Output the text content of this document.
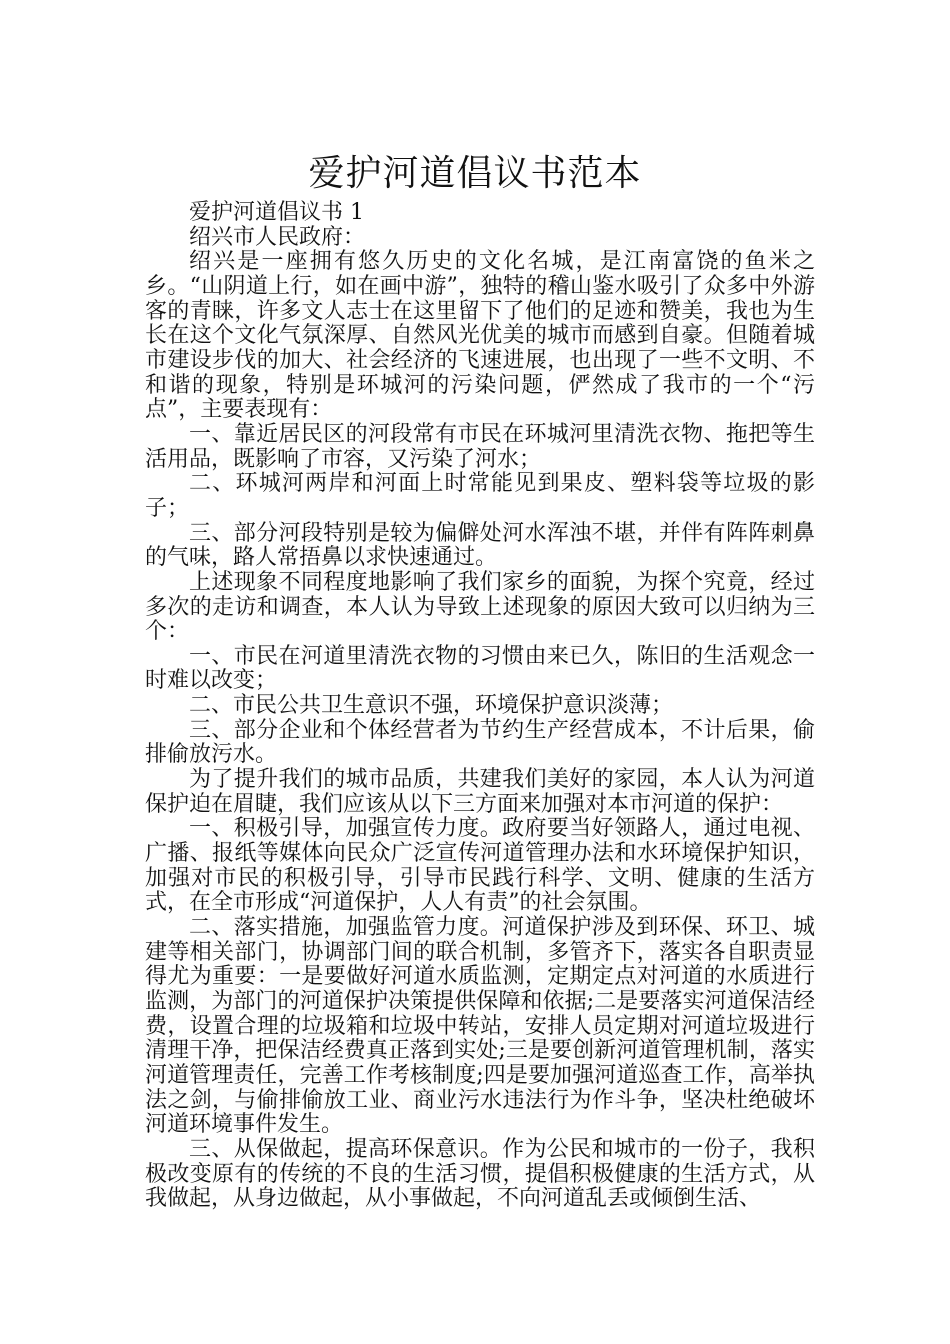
爱护河道倡议书范本

爱护河道倡议书 1

绍兴市人民政府：

绍兴是一座拥有悠久历史的文化名城，是江南富饶的鱼米之乡。“山阴道上行，如在画中游”，独特的稽山鉴水吸引了众多中外游客的青睐，许多文人志士在这里留下了他们的足迹和赞美，我也为生长在这个文化气氛深厚、自然风光优美的城市而感到自豪。但随着城市建设步伐的加大、社会经济的飞速进展，也出现了一些不文明、不和谐的现象，特别是环城河的污染问题，俨然成了我市的一个“污点”，主要表现有：

一、靠近居民区的河段常有市民在环城河里清洗衣物、拖把等生活用品，既影响了市容，又污染了河水；

二、环城河两岸和河面上时常能见到果皮、塑料袋等垃圾的影子；

三、部分河段特别是较为偏僻处河水浑浊不堪，并伴有阵阵刺鼻的气味，路人常捂鼻以求快速通过。

上述现象不同程度地影响了我们家乡的面貌，为探个究竟，经过多次的走访和调查，本人认为导致上述现象的原因大致可以归纳为三个：

一、市民在河道里清洗衣物的习惯由来已久，陈旧的生活观念一时难以改变；

二、市民公共卫生意识不强，环境保护意识淡薄；

三、部分企业和个体经营者为节约生产经营成本，不计后果，偷排偷放污水。

为了提升我们的城市品质，共建我们美好的家园，本人认为河道保护迫在眉睫，我们应该从以下三方面来加强对本市河道的保护：

一、积极引导，加强宣传力度。政府要当好领路人，通过电视、广播、报纸等媒体向民众广泛宣传河道管理办法和水环境保护知识，加强对市民的积极引导，引导市民践行科学、文明、健康的生活方式，在全市形成“河道保护，人人有责”的社会氛围。

二、落实措施，加强监管力度。河道保护涉及到环保、环卫、城建等相关部门，协调部门间的联合机制，多管齐下，落实各自职责显得尤为重要：一是要做好河道水质监测，定期定点对河道的水质进行监测，为部门的河道保护决策提供保障和依据;二是要落实河道保洁经费，设置合理的垃圾箱和垃圾中转站，安排人员定期对河道垃圾进行清理干净，把保洁经费真正落到实处;三是要创新河道管理机制，落实河道管理责任，完善工作考核制度;四是要加强河道巡查工作，高举执法之剑，与偷排偷放工业、商业污水违法行为作斗争，坚决杜绝破坏河道环境事件发生。

三、从保做起，提高环保意识。作为公民和城市的一份子，我积极改变原有的传统的不良的生活习惯，提倡积极健康的生活方式，从我做起，从身边做起，从小事做起，不向河道乱丢或倾倒生活、
